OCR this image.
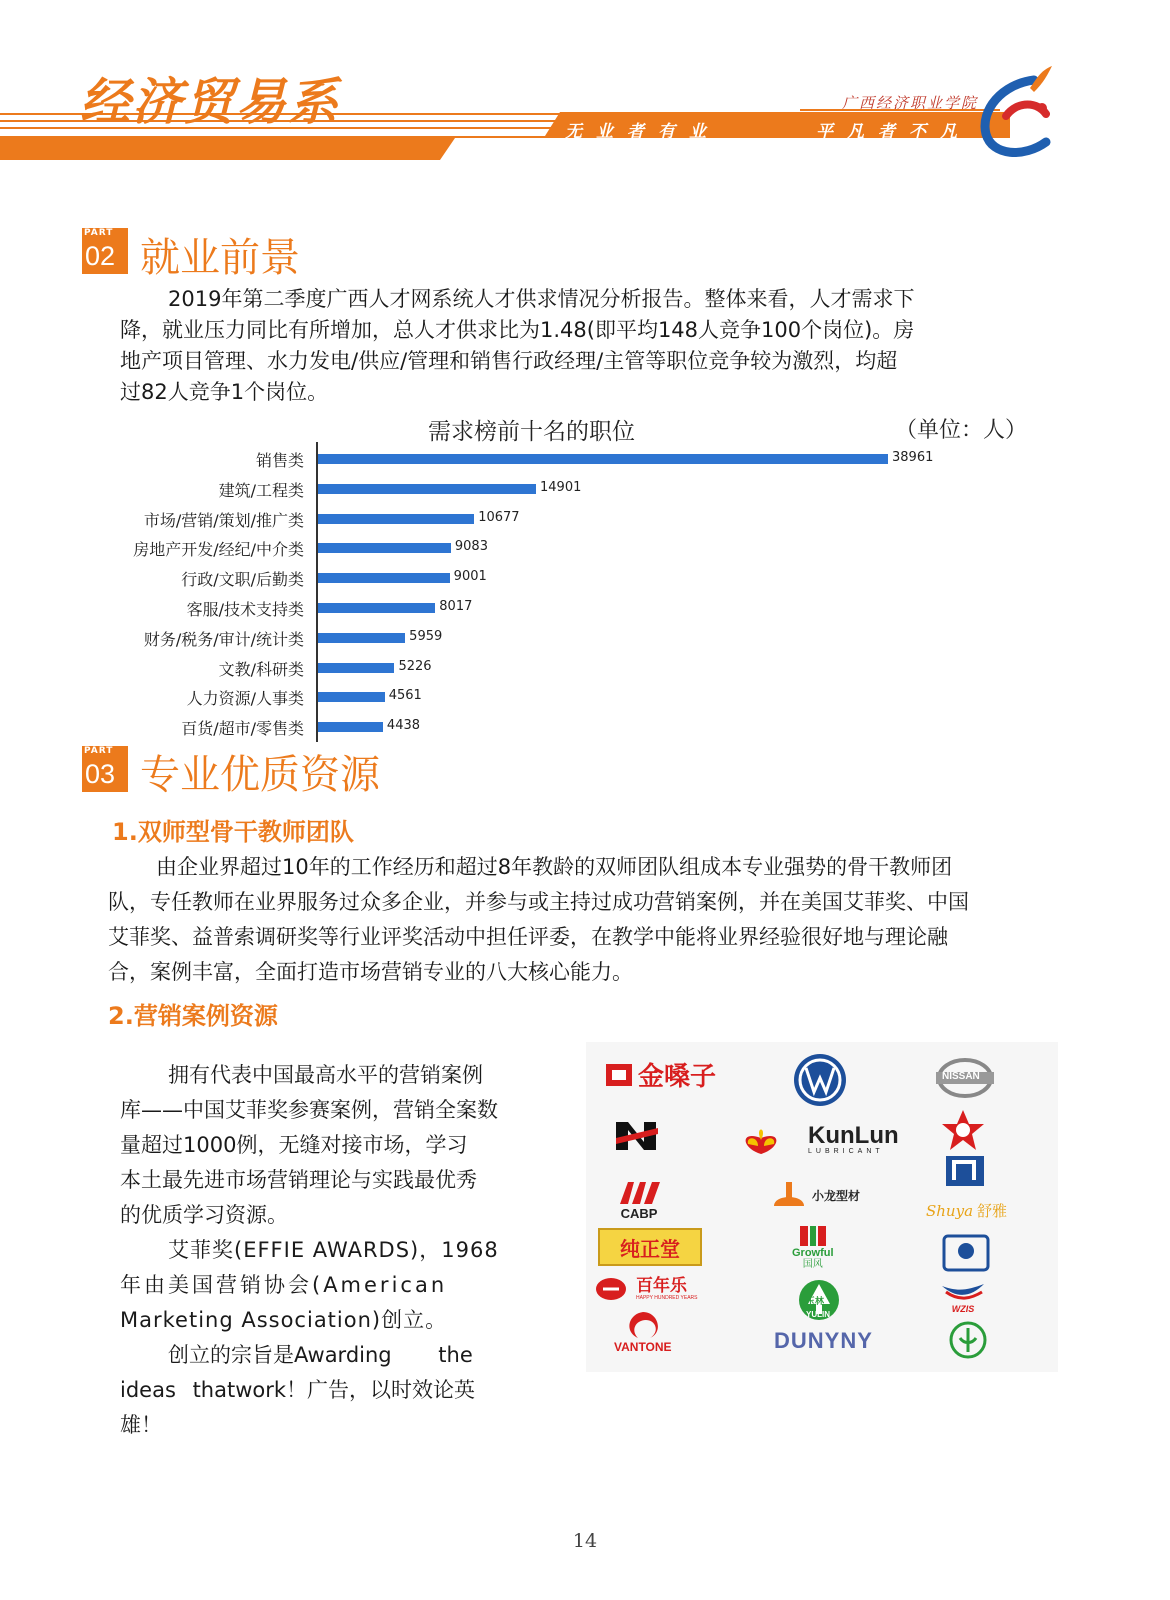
经济贸易系	广西经济职业学院
无业者有业	平凡者不凡
PART
02 就业前景

2019年第二季度广西人才网系统人才供求情况分析报告。整体来看，人才需求下

降，就业压力同比有所增加，总人才供求比为1.48(即平均148人竞争100个岗位)。房

地产项目管理、水力发电/供应/管理和销售行政经理/主管等职位竞争较为激烈，均超

过82人竞争1个岗位。

需求榜前十名的职位	（单位：人）
销售类	38961
建筑/工程类	14901
市场/营销/策划/推广类	10677
房地产开发/经纪/中介类	9083
行政/文职/后勤类	9001
客服/技术支持类	8017
财务/税务/审计/统计类	5959
文教/科研类	5226
人力资源/人事类	4561
百货/超市/零售类	4438
PART
03 专业优质资源
1.双师型骨干教师团队

由企业界超过10年的工作经历和超过8年教龄的双师团队组成本专业强势的骨干教师团

队，专任教师在业界服务过众多企业，并参与或主持过成功营销案例，并在美国艾菲奖、中国

艾菲奖、益普索调研奖等行业评奖活动中担任评委，在教学中能将业界经验很好地与理论融

合，案例丰富，全面打造市场营销专业的八大核心能力。

2.营销案例资源

拥有代表中国最高水平的营销案例

库——中国艾菲奖参赛案例，营销全案数

量超过1000例，无缝对接市场，学习

本土最先进市场营销理论与实践最优秀

的优质学习资源。

艾菲奖(EFFIE AWARDS)，1968

年由美国营销协会(American

Marketing Association)创立。

创立的宗旨是Awarding the

ideas thatwork！广告，以时效论英

雄！

金嗓子	NISSAN
KunLun
LUBRICANT
CABP
小龙型材
Shuya 舒雅
纯正堂	Growful
国风
百年乐
HAPPY HUNDRED YEARS	玉林
YULIN
WZIS
VANTONE	DUNYNY
14
